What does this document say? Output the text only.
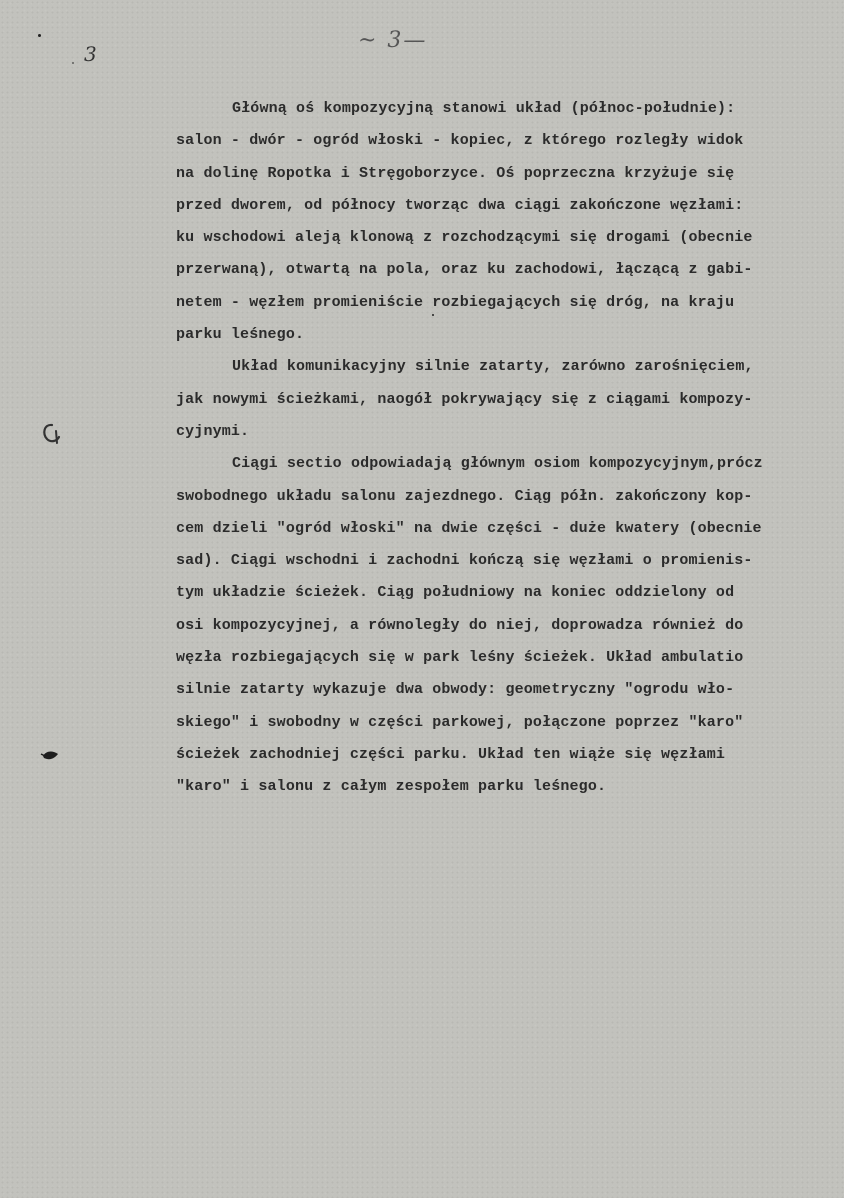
3
~ 3—
Główną oś kompozycyjną stanowi układ (północ-południe):
salon - dwór - ogród włoski - kopiec, z którego rozległy widok
na dolinę Ropotka i Stręgoborzyce. Oś poprzeczna krzyżuje się
przed dworem, od północy tworząc dwa ciągi zakończone węzłami:
ku wschodowi aleją klonową z rozchodzącymi się drogami (obecnie
przerwaną), otwartą na pola, oraz ku zachodowi, łączącą z gabi-
netem - węzłem promieniście rozbiegających się dróg, na kraju
parku leśnego.
Układ komunikacyjny silnie zatarty, zarówno zarośnięciem,
jak nowymi ścieżkami, naogół pokrywający się z ciągami kompozy-
cyjnymi.
Ciągi sectio odpowiadają głównym osiom kompozycyjnym,prócz
swobodnego układu salonu zajezdnego. Ciąg półn. zakończony kop-
cem dzieli "ogród włoski" na dwie części - duże kwatery (obecnie
sad). Ciągi wschodni i zachodni kończą się węzłami o promienis-
tym układzie ścieżek. Ciąg południowy na koniec oddzielony od
osi kompozycyjnej, a równoległy do niej, doprowadza również do
węzła rozbiegających się w park leśny ścieżek. Układ ambulatio
silnie zatarty wykazuje dwa obwody: geometryczny "ogrodu wło-
skiego" i swobodny w części parkowej, połączone poprzez "karo"
ścieżek zachodniej części parku. Układ ten wiąże się węzłami
"karo" i salonu z całym zespołem parku leśnego.
